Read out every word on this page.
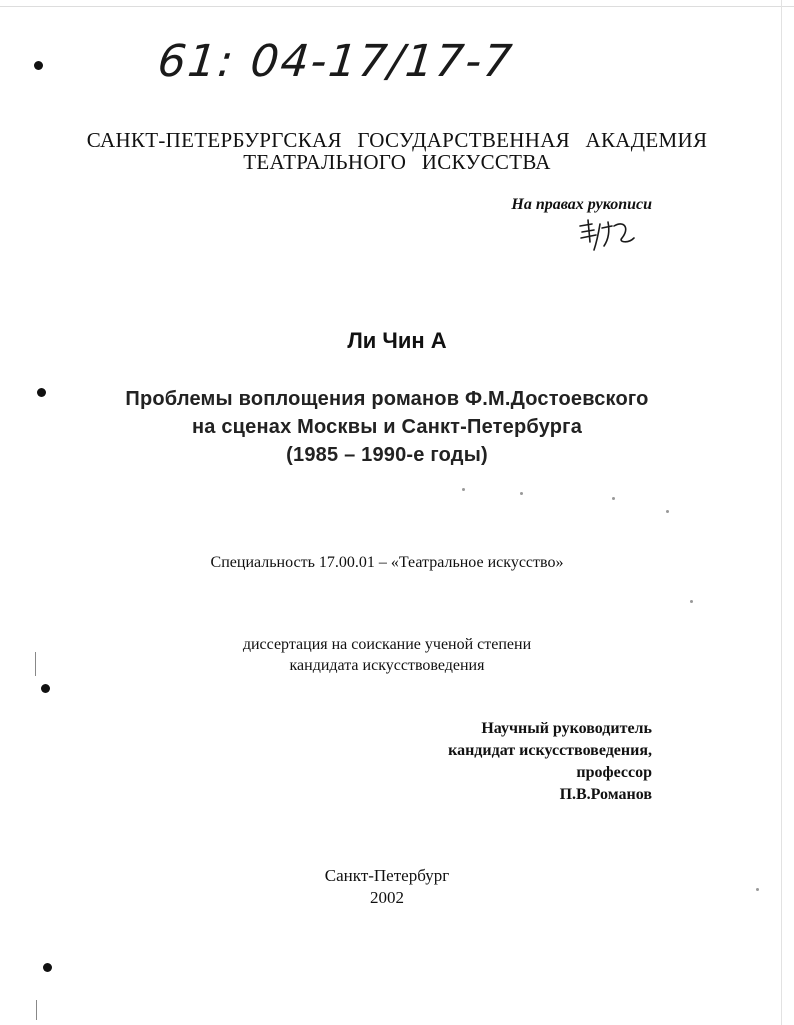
61: 04-17/17-7
САНКТ-ПЕТЕРБУРГСКАЯ ГОСУДАРСТВЕННАЯ АКАДЕМИЯ
ТЕАТРАЛЬНОГО ИСКУССТВА
На правах рукописи
Ли Чин А
Проблемы воплощения романов Ф.М.Достоевского
на сценах Москвы и Санкт-Петербурга
(1985 – 1990-е годы)
Специальность 17.00.01 – «Театральное искусство»
диссертация на соискание ученой степени
кандидата искусствоведения
Научный руководитель
кандидат искусствоведения,
профессор
П.В.Романов
Санкт-Петербург
2002
